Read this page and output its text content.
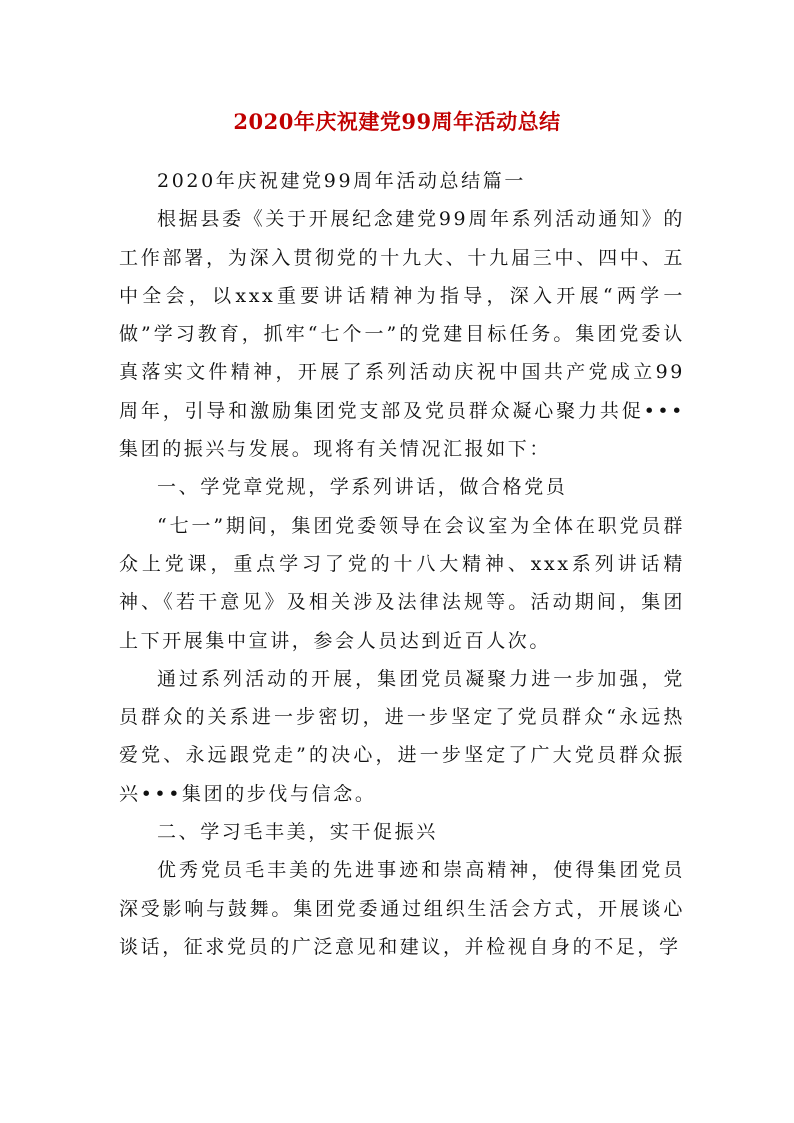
2020年庆祝建党99周年活动总结

2020年庆祝建党99周年活动总结篇一

根据县委《关于开展纪念建党99周年系列活动通知》的工作部署，为深入贯彻党的十九大、十九届三中、四中、五中全会，以xxx重要讲话精神为指导，深入开展“两学一做”学习教育，抓牢“七个一”的党建目标任务。集团党委认真落实文件精神，开展了系列活动庆祝中国共产党成立99周年，引导和激励集团党支部及党员群众凝心聚力共促•••集团的振兴与发展。现将有关情况汇报如下：

一、学党章党规，学系列讲话，做合格党员

“七一”期间，集团党委领导在会议室为全体在职党员群众上党课，重点学习了党的十八大精神、xxx系列讲话精神、《若干意见》及相关涉及法律法规等。活动期间，集团上下开展集中宣讲，参会人员达到近百人次。

通过系列活动的开展，集团党员凝聚力进一步加强，党员群众的关系进一步密切，进一步坚定了党员群众“永远热爱党、永远跟党走”的决心，进一步坚定了广大党员群众振兴•••集团的步伐与信念。

二、学习毛丰美，实干促振兴

优秀党员毛丰美的先进事迹和崇高精神，使得集团党员深受影响与鼓舞。集团党委通过组织生活会方式，开展谈心谈话，征求党员的广泛意见和建议，并检视自身的不足，学
